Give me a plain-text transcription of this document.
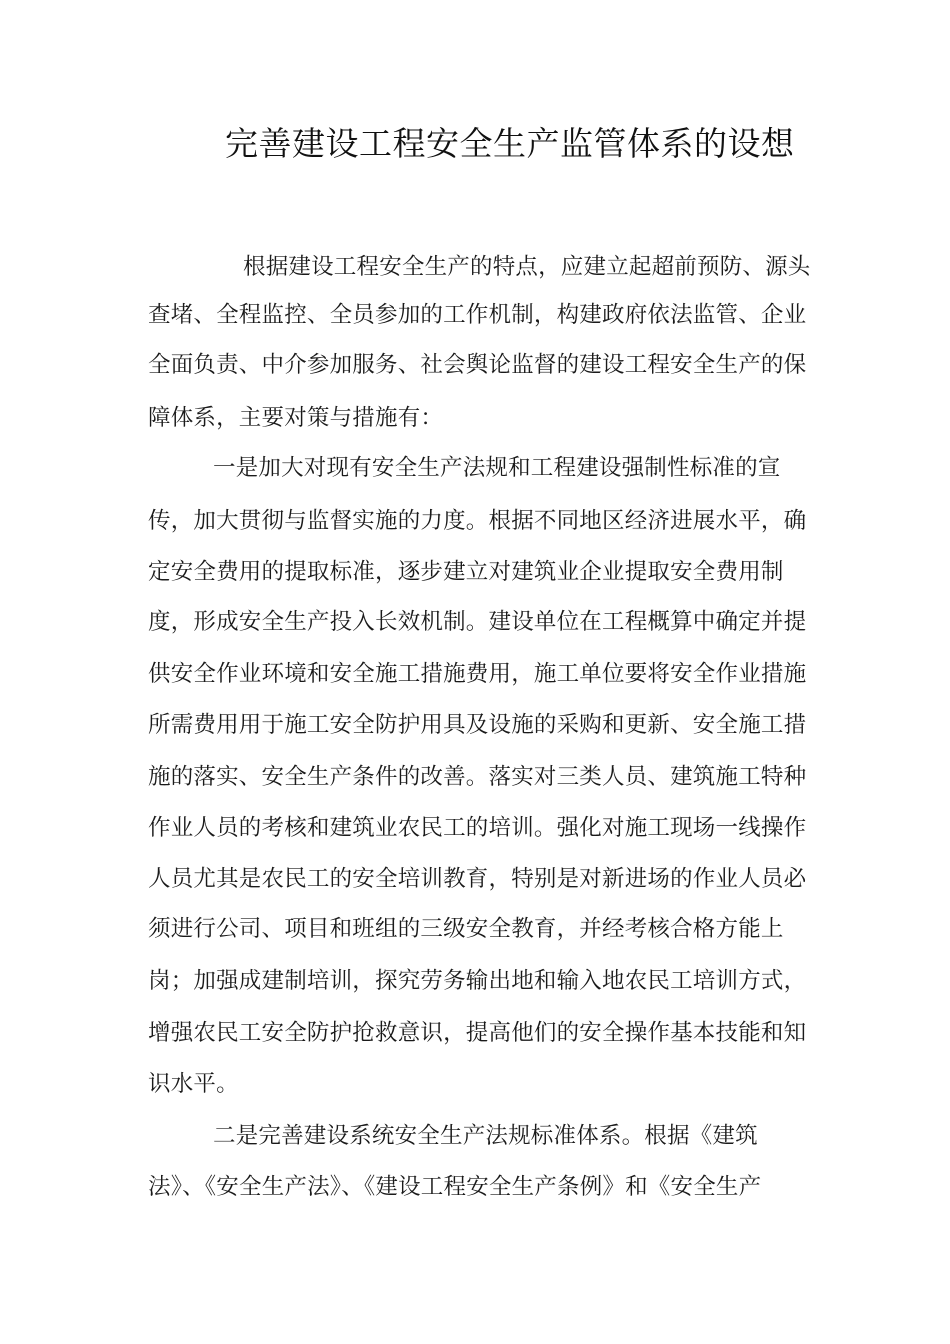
完善建设工程安全生产监管体系的设想
根据建设工程安全生产的特点，应建立起超前预防、源头
查堵、全程监控、全员参加的工作机制，构建政府依法监管、企业
全面负责、中介参加服务、社会舆论监督的建设工程安全生产的保
障体系，主要对策与措施有：
一是加大对现有安全生产法规和工程建设强制性标准的宣
传，加大贯彻与监督实施的力度。根据不同地区经济进展水平，确
定安全费用的提取标准，逐步建立对建筑业企业提取安全费用制
度，形成安全生产投入长效机制。建设单位在工程概算中确定并提
供安全作业环境和安全施工措施费用，施工单位要将安全作业措施
所需费用用于施工安全防护用具及设施的采购和更新、安全施工措
施的落实、安全生产条件的改善。落实对三类人员、建筑施工特种
作业人员的考核和建筑业农民工的培训。强化对施工现场一线操作
人员尤其是农民工的安全培训教育，特别是对新进场的作业人员必
须进行公司、项目和班组的三级安全教育，并经考核合格方能上
岗；加强成建制培训，探究劳务输出地和输入地农民工培训方式，
增强农民工安全防护抢救意识，提高他们的安全操作基本技能和知
识水平。
二是完善建设系统安全生产法规标准体系。根据《建筑
法》、《安全生产法》、《建设工程安全生产条例》和《安全生产
